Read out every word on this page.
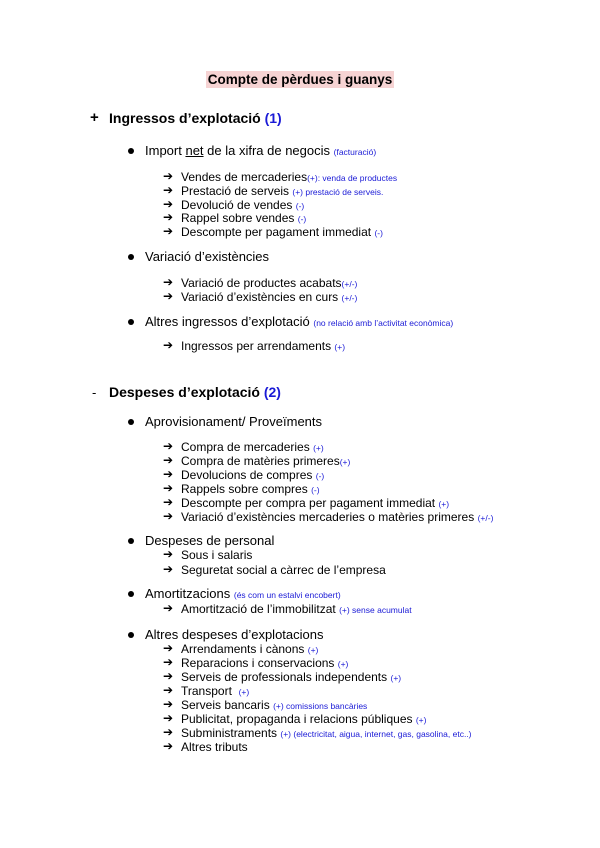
Compte de pèrdues i guanys
+ Ingressos d’explotació (1)
Import net de la xifra de negocis (facturació)
➔ Vendes de mercaderies(+): venda de productes
➔ Prestació de serveis (+) prestació de serveis.
➔ Devolució de vendes (-)
➔ Rappel sobre vendes (-)
➔ Descompte per pagament immediat (-)
Variació d’existències
➔ Variació de productes acabats(+/-)
➔ Variació d’existències en curs (+/-)
Altres ingressos d’explotació (no relació amb l’activitat econòmica)
➔ Ingressos per arrendaments (+)
- Despeses d’explotació (2)
Aprovisionament/ Proveïments
➔ Compra de mercaderies (+)
➔ Compra de matèries primeres(+)
➔ Devolucions de compres (-)
➔ Rappels sobre compres (-)
➔ Descompte per compra per pagament immediat (+)
➔ Variació d’existències mercaderies o matèries primeres (+/-)
Despeses de personal
➔ Sous i salaris
➔ Seguretat social a càrrec de l’empresa
Amortitzacions (és com un estalvi encobert)
➔ Amortització de l’immobilitzat (+) sense acumulat
Altres despeses d’explotacions
➔ Arrendaments i cànons (+)
➔ Reparacions i conservacions (+)
➔ Serveis de professionals independents (+)
➔ Transport (+)
➔ Serveis bancaris (+) comissions bancàries
➔ Publicitat, propaganda i relacions públiques (+)
➔ Subministraments (+) (electricitat, aigua, internet, gas, gasolina, etc..)
➔ Altres tributs
